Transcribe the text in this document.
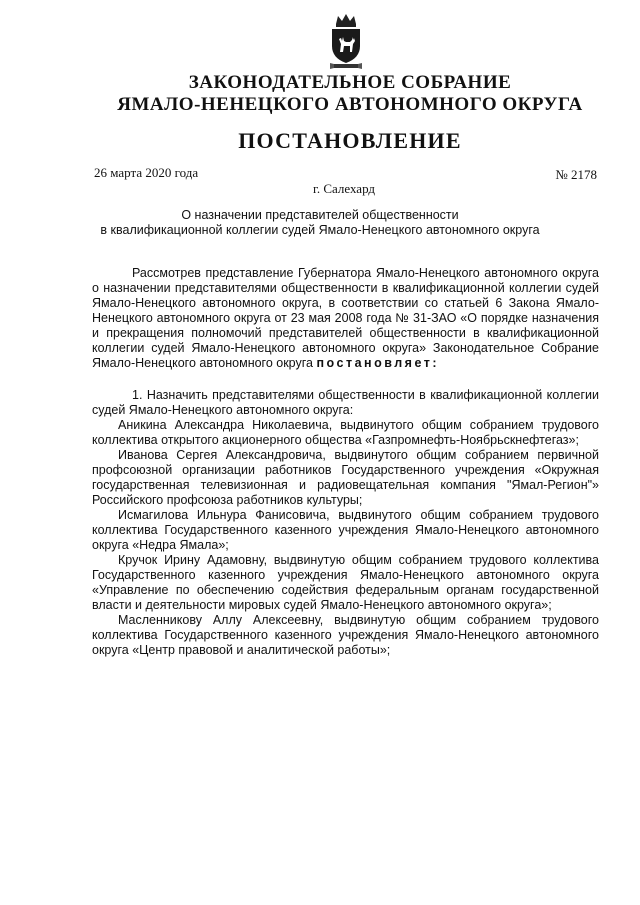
ЗАКОНОДАТЕЛЬНОЕ СОБРАНИЕ
ЯМАЛО-НЕНЕЦКОГО АВТОНОМНОГО ОКРУГА
ПОСТАНОВЛЕНИЕ
26 марта 2020 года	№ 2178
г. Салехард
О назначении представителей общественности
в квалификационной коллегии судей Ямало-Ненецкого автономного округа

Рассмотрев представление Губернатора Ямало-Ненецкого автономного округа о назначении представителями общественности в квалификационной коллегии судей Ямало-Ненецкого автономного округа, в соответствии со статьей 6 Закона Ямало-Ненецкого автономного округа от 23 мая 2008 года № 31-ЗАО «О порядке назначения и прекращения полномочий представителей общественности в квалификационной коллегии судей Ямало-Ненецкого автономного округа» Законодательное Собрание Ямало-Ненецкого автономного округа постановляет:

1. Назначить представителями общественности в квалификационной коллегии судей Ямало-Ненецкого автономного округа:

Аникина Александра Николаевича, выдвинутого общим собранием трудового коллектива открытого акционерного общества «Газпромнефть-Ноябрьскнефтегаз»;

Иванова Сергея Александровича, выдвинутого общим собранием первичной профсоюзной организации работников Государственного учреждения «Окружная государственная телевизионная и радиовещательная компания "Ямал-Регион"» Российского профсоюза работников культуры;

Исмагилова Ильнура Фанисовича, выдвинутого общим собранием трудового коллектива Государственного казенного учреждения Ямало-Ненецкого автономного округа «Недра Ямала»;

Кручок Ирину Адамовну, выдвинутую общим собранием трудового коллектива Государственного казенного учреждения Ямало-Ненецкого автономного округа «Управление по обеспечению содействия федеральным органам государственной власти и деятельности мировых судей Ямало-Ненецкого автономного округа»;

Масленникову Аллу Алексеевну, выдвинутую общим собранием трудового коллектива Государственного казенного учреждения Ямало-Ненецкого автономного округа «Центр правовой и аналитической работы»;
